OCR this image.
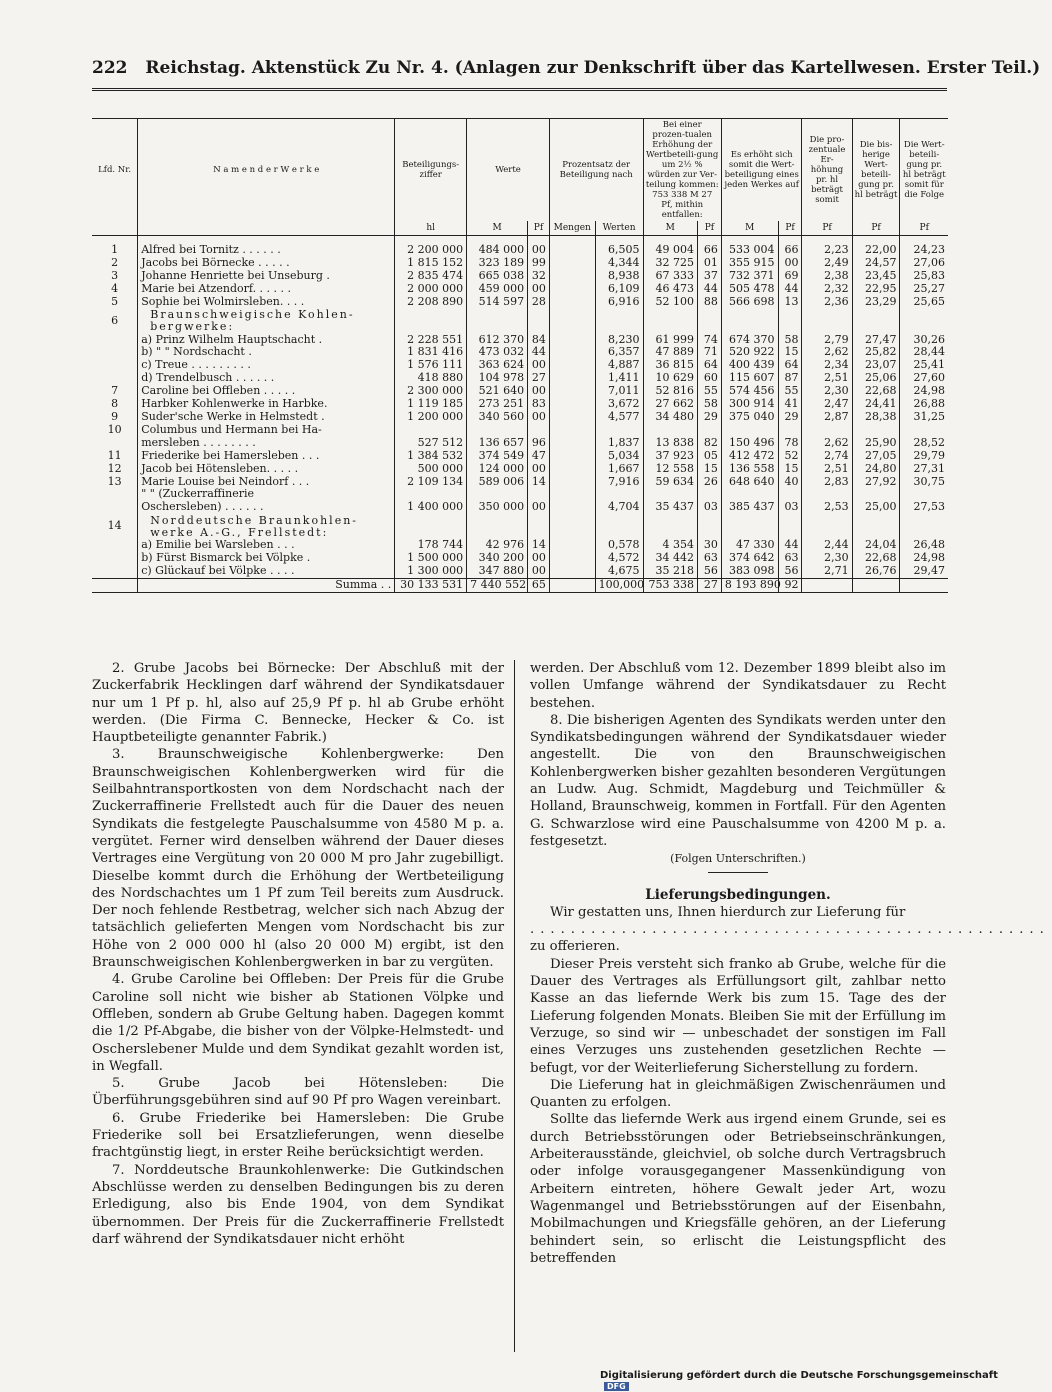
222 Reichstag. Aktenstück Zu Nr. 4. (Anlagen zur Denkschrift über das Kartellwesen. Erster Teil.)
Lfd. Nr.	N a m e n d e r W e r k e	Beteiligungs-ziffer	Werte		Prozentsatz der Beteiligung nach		Bei einer prozen-tualen Erhöhung der Wertbeteili-gung um 2½ % würden zur Ver-teilung kommen: 753 338 M 27 Pf, mithin entfallen:		Es erhöht sich somit die Wert-beteiligung eines jeden Werkes auf		Die pro-zentuale Er-höhung pr. hl beträgt somit	Die bis-herige Wert-beteili-gung pr. hl beträgt	Die Wert-beteili-gung pr. hl beträgt somit für die Folge
		hl	M	Pf	Mengen	Werten	M	Pf	M	Pf	Pf	Pf	Pf

1	Alfred bei Tornitz . . . . . .	2 200 000	484 000	00		6,505	49 004	66	533 004	66	2,23	22,00	24,23
2	Jacobs bei Börnecke . . . . .	1 815 152	323 189	99		4,344	32 725	01	355 915	00	2,49	24,57	27,06
3	Johanne Henriette bei Unseburg .	2 835 474	665 038	32		8,938	67 333	37	732 371	69	2,38	23,45	25,83
4	Marie bei Atzendorf. . . . . .	2 000 000	459 000	00		6,109	46 473	44	505 478	44	2,32	22,95	25,27
5	Sophie bei Wolmirsleben. . . .	2 208 890	514 597	28		6,916	52 100	88	566 698	13	2,36	23,29	25,65
6	Braunschweigische Kohlen-bergwerke:												
	a) Prinz Wilhelm Hauptschacht .	2 228 551	612 370	84		8,230	61 999	74	674 370	58	2,79	27,47	30,26
	b) " " Nordschacht .	1 831 416	473 032	44		6,357	47 889	71	520 922	15	2,62	25,82	28,44
	c) Treue . . . . . . . . .	1 576 111	363 624	00		4,887	36 815	64	400 439	64	2,34	23,07	25,41
	d) Trendelbusch . . . . . .	418 880	104 978	27		1,411	10 629	60	115 607	87	2,51	25,06	27,60
7	Caroline bei Offleben . . . . .	2 300 000	521 640	00		7,011	52 816	55	574 456	55	2,30	22,68	24,98
8	Harbker Kohlenwerke in Harbke.	1 119 185	273 251	83		3,672	27 662	58	300 914	41	2,47	24,41	26,88
9	Suder'sche Werke in Helmstedt .	1 200 000	340 560	00		4,577	34 480	29	375 040	29	2,87	28,38	31,25
10	Columbus und Hermann bei Ha-												
	mersleben . . . . . . . .	527 512	136 657	96		1,837	13 838	82	150 496	78	2,62	25,90	28,52
11	Friederike bei Hamersleben . . .	1 384 532	374 549	47		5,034	37 923	05	412 472	52	2,74	27,05	29,79
12	Jacob bei Hötensleben. . . . .	500 000	124 000	00		1,667	12 558	15	136 558	15	2,51	24,80	27,31
13	Marie Louise bei Neindorf . . .	2 109 134	589 006	14		7,916	59 634	26	648 640	40	2,83	27,92	30,75
	" " (Zuckerraffinerie												
	Oschersleben) . . . . . .	1 400 000	350 000	00		4,704	35 437	03	385 437	03	2,53	25,00	27,53
14	Norddeutsche Braunkohlen-werke A.-G., Frellstedt:												
	a) Emilie bei Warsleben . . .	178 744	42 976	14		0,578	4 354	30	47 330	44	2,44	24,04	26,48
	b) Fürst Bismarck bei Völpke .	1 500 000	340 200	00		4,572	34 442	63	374 642	63	2,30	22,68	24,98
	c) Glückauf bei Völpke . . . .	1 300 000	347 880	00		4,675	35 218	56	383 098	56	2,71	26,76	29,47
	Summa . .	30 133 531	7 440 552	65		100,000	753 338	27	8 193 890	92			

2. Grube Jacobs bei Börnecke: Der Abschluß mit der Zuckerfabrik Hecklingen darf während der Syndikatsdauer nur um 1 Pf p. hl, also auf 25,9 Pf p. hl ab Grube erhöht werden. (Die Firma C. Bennecke, Hecker & Co. ist Hauptbeteiligte genannter Fabrik.)

3. Braunschweigische Kohlenbergwerke: Den Braunschweigischen Kohlenbergwerken wird für die Seilbahntransportkosten von dem Nordschacht nach der Zuckerraffinerie Frellstedt auch für die Dauer des neuen Syndikats die festgelegte Pauschalsumme von 4580 M p. a. vergütet. Ferner wird denselben während der Dauer dieses Vertrages eine Vergütung von 20 000 M pro Jahr zugebilligt. Dieselbe kommt durch die Erhöhung der Wertbeteiligung des Nordschachtes um 1 Pf zum Teil bereits zum Ausdruck. Der noch fehlende Restbetrag, welcher sich nach Abzug der tatsächlich gelieferten Mengen vom Nordschacht bis zur Höhe von 2 000 000 hl (also 20 000 M) ergibt, ist den Braunschweigischen Kohlenbergwerken in bar zu vergüten.

4. Grube Caroline bei Offleben: Der Preis für die Grube Caroline soll nicht wie bisher ab Stationen Völpke und Offleben, sondern ab Grube Geltung haben. Dagegen kommt die 1/2 Pf-Abgabe, die bisher von der Völpke-Helmstedt- und Oscherslebener Mulde und dem Syndikat gezahlt worden ist, in Wegfall.

5. Grube Jacob bei Hötensleben: Die Überführungsgebühren sind auf 90 Pf pro Wagen vereinbart.

6. Grube Friederike bei Hamersleben: Die Grube Friederike soll bei Ersatzlieferungen, wenn dieselbe frachtgünstig liegt, in erster Reihe berücksichtigt werden.

7. Norddeutsche Braunkohlenwerke: Die Gutkindschen Abschlüsse werden zu denselben Bedingungen bis zu deren Erledigung, also bis Ende 1904, von dem Syndikat übernommen. Der Preis für die Zuckerraffinerie Frellstedt darf während der Syndikatsdauer nicht erhöht

werden. Der Abschluß vom 12. Dezember 1899 bleibt also im vollen Umfange während der Syndikatsdauer zu Recht bestehen.

8. Die bisherigen Agenten des Syndikats werden unter den Syndikatsbedingungen während der Syndikatsdauer wieder angestellt. Die von den Braunschweigischen Kohlenbergwerken bisher gezahlten besonderen Vergütungen an Ludw. Aug. Schmidt, Magdeburg und Teichmüller & Holland, Braunschweig, kommen in Fortfall. Für den Agenten G. Schwarzlose wird eine Pauschalsumme von 4200 M p. a. festgesetzt.

(Folgen Unterschriften.)

Lieferungsbedingungen.

Wir gestatten uns, Ihnen hierdurch zur Lieferung für

...................................................

zu offerieren.

Dieser Preis versteht sich franko ab Grube, welche für die Dauer des Vertrages als Erfüllungsort gilt, zahlbar netto Kasse an das liefernde Werk bis zum 15. Tage des der Lieferung folgenden Monats. Bleiben Sie mit der Erfüllung im Verzuge, so sind wir — unbeschadet der sonstigen im Fall eines Verzuges uns zustehenden gesetzlichen Rechte — befugt, vor der Weiterlieferung Sicherstellung zu fordern.

Die Lieferung hat in gleichmäßigen Zwischenräumen und Quanten zu erfolgen.

Sollte das liefernde Werk aus irgend einem Grunde, sei es durch Betriebsstörungen oder Betriebseinschränkungen, Arbeiterausstände, gleichviel, ob solche durch Vertragsbruch oder infolge vorausgegangener Massenkündigung von Arbeitern eintreten, höhere Gewalt jeder Art, wozu Wagenmangel und Betriebsstörungen auf der Eisenbahn, Mobilmachungen und Kriegsfälle gehören, an der Lieferung behindert sein, so erlischt die Leistungspflicht des betreffenden

Digitalisierung gefördert durch die Deutsche Forschungsgemeinschaft DFG
